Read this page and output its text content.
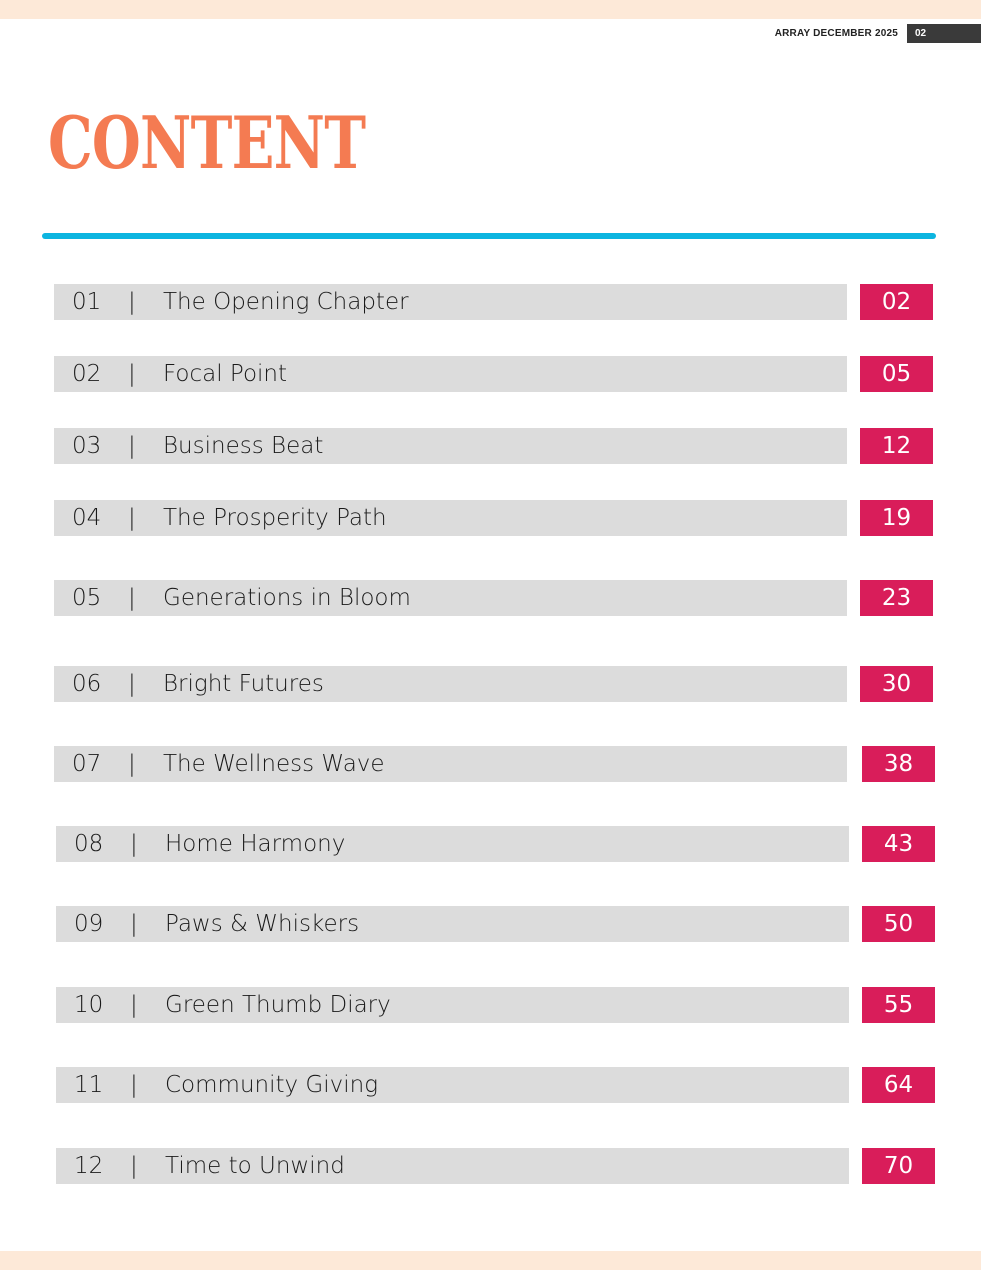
ARRAY DECEMBER 2025	02
CONTENT
01 | The Opening Chapter	02
02 | Focal Point	05
03 | Business Beat	12
04 | The Prosperity Path	19
05 | Generations in Bloom	23
06 | Bright Futures	30
07 | The Wellness Wave	38
08 | Home Harmony	43
09 | Paws & Whiskers	50
10 | Green Thumb Diary	55
11 | Community Giving	64
12 | Time to Unwind	70
